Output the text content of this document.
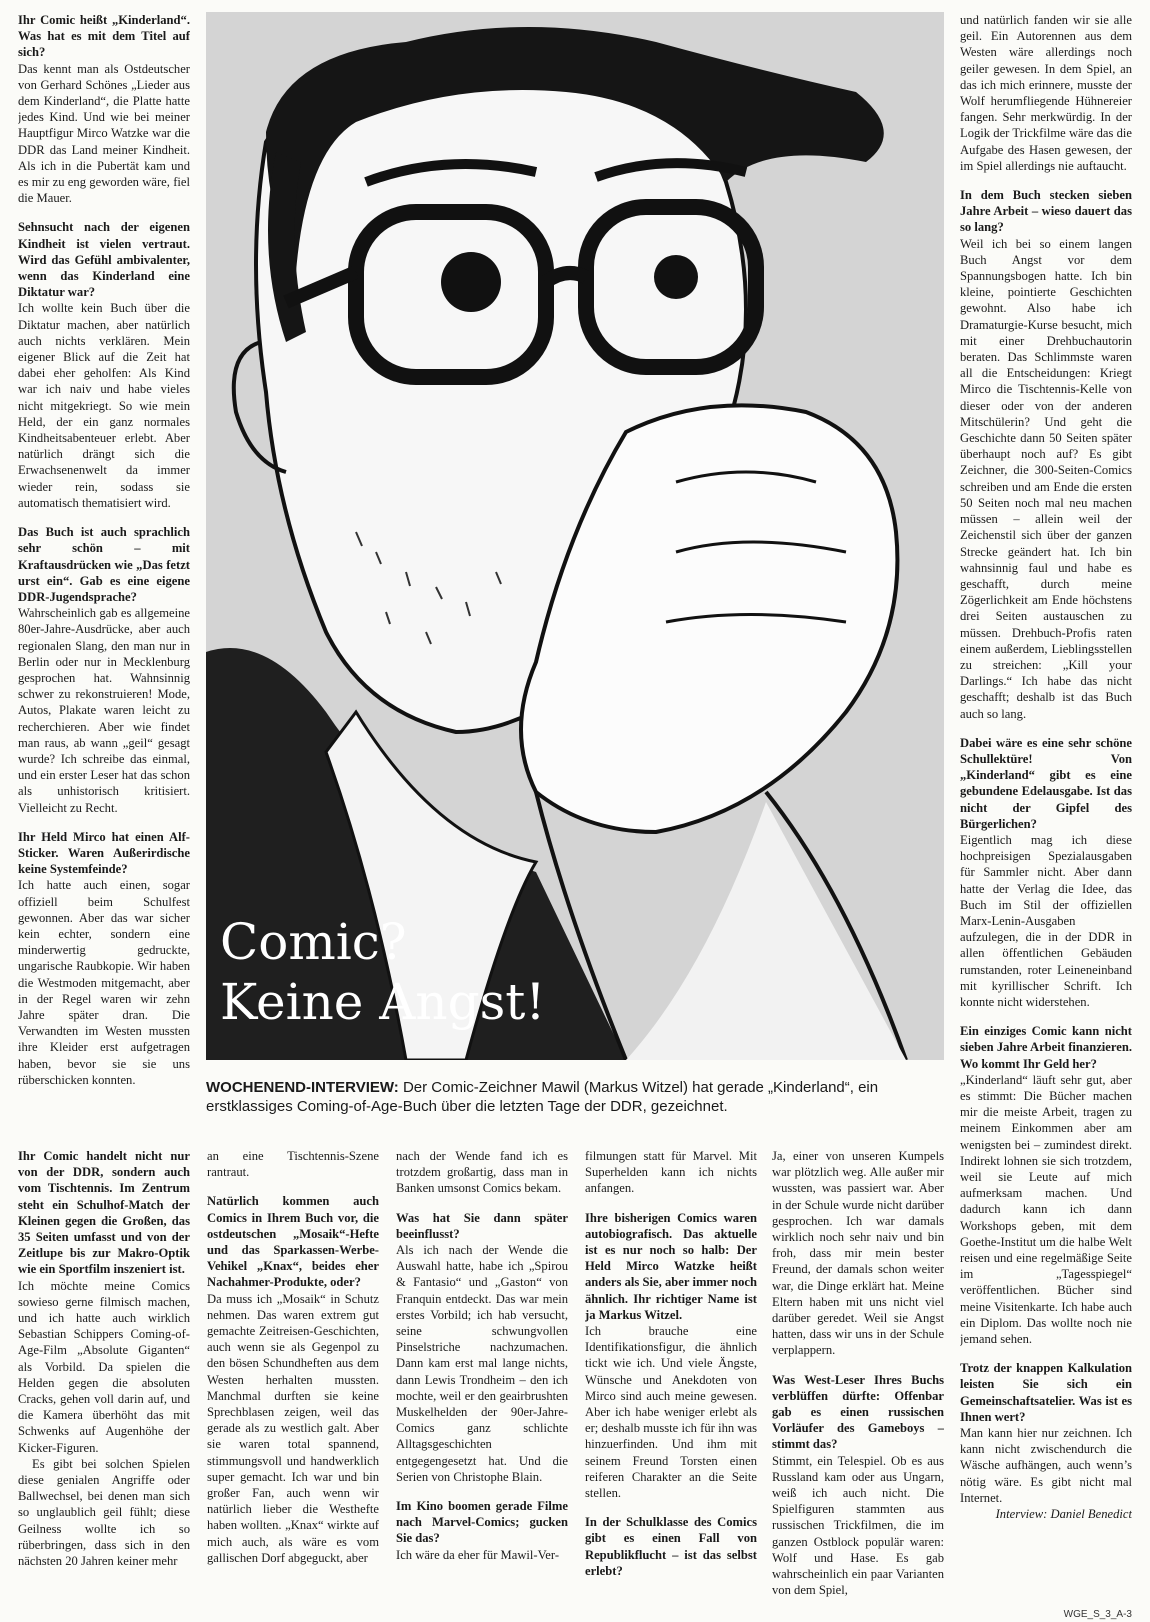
Ihr Comic heißt „Kinderland“. Was hat es mit dem Titel auf sich?

Das kennt man als Ostdeutscher von Gerhard Schönes „Lieder aus dem Kinderland“, die Platte hatte jedes Kind. Und wie bei meiner Hauptfigur Mirco Watzke war die DDR das Land meiner Kindheit. Als ich in die Pubertät kam und es mir zu eng geworden wäre, fiel die Mauer.

Sehnsucht nach der eigenen Kindheit ist vielen vertraut. Wird das Gefühl ambivalenter, wenn das Kinderland eine Diktatur war?

Ich wollte kein Buch über die Diktatur machen, aber natürlich auch nichts verklären. Mein eigener Blick auf die Zeit hat dabei eher geholfen: Als Kind war ich naiv und habe vieles nicht mitgekriegt. So wie mein Held, der ein ganz normales Kindheitsabenteuer erlebt. Aber natürlich drängt sich die Erwachsenenwelt da immer wieder rein, sodass sie automatisch thematisiert wird.

Das Buch ist auch sprachlich sehr schön – mit Kraftausdrücken wie „Das fetzt urst ein“. Gab es eine eigene DDR-Jugendsprache?

Wahrscheinlich gab es allgemeine 80er-Jahre-Ausdrücke, aber auch regionalen Slang, den man nur in Berlin oder nur in Mecklenburg gesprochen hat. Wahnsinnig schwer zu rekonstruieren! Mode, Autos, Plakate waren leicht zu recherchieren. Aber wie findet man raus, ab wann „geil“ gesagt wurde? Ich schreibe das einmal, und ein erster Leser hat das schon als unhistorisch kritisiert. Vielleicht zu Recht.

Ihr Held Mirco hat einen Alf-Sticker. Waren Außerirdische keine Systemfeinde?

Ich hatte auch einen, sogar offiziell beim Schulfest gewonnen. Aber das war sicher kein echter, sondern eine minderwertig gedruckte, ungarische Raubkopie. Wir haben die Westmoden mitgemacht, aber in der Regel waren wir zehn Jahre später dran. Die Verwandten im Westen mussten ihre Kleider erst aufgetragen haben, bevor sie sie uns rüberschicken konnten.

Comic?
Keine Angst!
WOCHENEND-INTERVIEW: Der Comic-Zeichner Mawil (Markus Witzel) hat gerade „Kinderland“, ein erstklassiges Coming-of-Age-Buch über die letzten Tage der DDR, gezeichnet.

und natürlich fanden wir sie alle geil. Ein Autorennen aus dem Westen wäre allerdings noch geiler gewesen. In dem Spiel, an das ich mich erinnere, musste der Wolf herumfliegende Hühnereier fangen. Sehr merkwürdig. In der Logik der Trickfilme wäre das die Aufgabe des Hasen gewesen, der im Spiel allerdings nie auftaucht.

In dem Buch stecken sieben Jahre Arbeit – wieso dauert das so lang?

Weil ich bei so einem langen Buch Angst vor dem Spannungsbogen hatte. Ich bin kleine, pointierte Geschichten gewohnt. Also habe ich Dramaturgie-Kurse besucht, mich mit einer Drehbuchautorin beraten. Das Schlimmste waren all die Entscheidungen: Kriegt Mirco die Tischtennis-Kelle von dieser oder von der anderen Mitschülerin? Und geht die Geschichte dann 50 Seiten später überhaupt noch auf? Es gibt Zeichner, die 300-Seiten-Comics schreiben und am Ende die ersten 50 Seiten noch mal neu machen müssen – allein weil der Zeichenstil sich über der ganzen Strecke geändert hat. Ich bin wahnsinnig faul und habe es geschafft, durch meine Zögerlichkeit am Ende höchstens drei Seiten austauschen zu müssen. Drehbuch-Profis raten einem außerdem, Lieblingsstellen zu streichen: „Kill your Darlings.“ Ich habe das nicht geschafft; deshalb ist das Buch auch so lang.

Dabei wäre es eine sehr schöne Schullektüre! Von „Kinderland“ gibt es eine gebundene Edelausgabe. Ist das nicht der Gipfel des Bürgerlichen?

Eigentlich mag ich diese hochpreisigen Spezialausgaben für Sammler nicht. Aber dann hatte der Verlag die Idee, das Buch im Stil der offiziellen Marx-Lenin-Ausgaben aufzulegen, die in der DDR in allen öffentlichen Gebäuden rumstanden, roter Leineneinband mit kyrillischer Schrift. Ich konnte nicht widerstehen.

Ein einziges Comic kann nicht sieben Jahre Arbeit finanzieren. Wo kommt Ihr Geld her?

„Kinderland“ läuft sehr gut, aber es stimmt: Die Bücher machen mir die meiste Arbeit, tragen zu meinem Einkommen aber am wenigsten bei – zumindest direkt. Indirekt lohnen sie sich trotzdem, weil sie Leute auf mich aufmerksam machen. Und dadurch kann ich dann Workshops geben, mit dem Goethe-Institut um die halbe Welt reisen und eine regelmäßige Seite im „Tagesspiegel“ veröffentlichen. Bücher sind meine Visitenkarte. Ich habe auch ein Diplom. Das wollte noch nie jemand sehen.

Trotz der knappen Kalkulation leisten Sie sich ein Gemeinschaftsatelier. Was ist es Ihnen wert?

Man kann hier nur zeichnen. Ich kann nicht zwischendurch die Wäsche aufhängen, auch wenn’s nötig wäre. Es gibt nicht mal Internet.

Interview: Daniel Benedict

Ihr Comic handelt nicht nur von der DDR, sondern auch vom Tischtennis. Im Zentrum steht ein Schulhof-Match der Kleinen gegen die Großen, das 35 Seiten umfasst und von der Zeitlupe bis zur Makro-Optik wie ein Sportfilm inszeniert ist.

Ich möchte meine Comics sowieso gerne filmisch machen, und ich hatte auch wirklich Sebastian Schippers Coming-of-Age-Film „Absolute Giganten“ als Vorbild. Da spielen die Helden gegen die absoluten Cracks, gehen voll darin auf, und die Kamera überhöht das mit Schwenks auf Augenhöhe der Kicker-Figuren.

Es gibt bei solchen Spielen diese genialen Angriffe oder Ballwechsel, bei denen man sich so unglaublich geil fühlt; diese Geilness wollte ich so rüberbringen, dass sich in den nächsten 20 Jahren keiner mehr

an eine Tischtennis-Szene rantraut.

Natürlich kommen auch Comics in Ihrem Buch vor, die ostdeutschen „Mosaik“-Hefte und das Sparkassen-Werbe-Vehikel „Knax“, beides eher Nachahmer-Produkte, oder?

Da muss ich „Mosaik“ in Schutz nehmen. Das waren extrem gut gemachte Zeitreisen-Geschichten, auch wenn sie als Gegenpol zu den bösen Schundheften aus dem Westen herhalten mussten. Manchmal durften sie keine Sprechblasen zeigen, weil das gerade als zu westlich galt. Aber sie waren total spannend, stimmungsvoll und handwerklich super gemacht. Ich war und bin großer Fan, auch wenn wir natürlich lieber die Westhefte haben wollten. „Knax“ wirkte auf mich auch, als wäre es vom gallischen Dorf abgeguckt, aber

nach der Wende fand ich es trotzdem großartig, dass man in Banken umsonst Comics bekam.

Was hat Sie dann später beeinflusst?

Als ich nach der Wende die Auswahl hatte, habe ich „Spirou & Fantasio“ und „Gaston“ von Franquin entdeckt. Das war mein erstes Vorbild; ich hab versucht, seine schwungvollen Pinselstriche nachzumachen. Dann kam erst mal lange nichts, dann Lewis Trondheim – den ich mochte, weil er den geairbrushten Muskelhelden der 90er-Jahre-Comics ganz schlichte Alltagsgeschichten entgegengesetzt hat. Und die Serien von Christophe Blain.

Im Kino boomen gerade Filme nach Marvel-Comics; gucken Sie das?

Ich wäre da eher für Mawil-Ver-

filmungen statt für Marvel. Mit Superhelden kann ich nichts anfangen.

Ihre bisherigen Comics waren autobiografisch. Das aktuelle ist es nur noch so halb: Der Held Mirco Watzke heißt anders als Sie, aber immer noch ähnlich. Ihr richtiger Name ist ja Markus Witzel.

Ich brauche eine Identifikationsfigur, die ähnlich tickt wie ich. Und viele Ängste, Wünsche und Anekdoten von Mirco sind auch meine gewesen. Aber ich habe weniger erlebt als er; deshalb musste ich für ihn was hinzuerfinden. Und ihm mit seinem Freund Torsten einen reiferen Charakter an die Seite stellen.

In der Schulklasse des Comics gibt es einen Fall von Republikflucht – ist das selbst erlebt?

Ja, einer von unseren Kumpels war plötzlich weg. Alle außer mir wussten, was passiert war. Aber in der Schule wurde nicht darüber gesprochen. Ich war damals wirklich noch sehr naiv und bin froh, dass mir mein bester Freund, der damals schon weiter war, die Dinge erklärt hat. Meine Eltern haben mit uns nicht viel darüber geredet. Weil sie Angst hatten, dass wir uns in der Schule verplappern.

Was West-Leser Ihres Buchs verblüffen dürfte: Offenbar gab es einen russischen Vorläufer des Gameboys – stimmt das?

Stimmt, ein Telespiel. Ob es aus Russland kam oder aus Ungarn, weiß ich auch nicht. Die Spielfiguren stammten aus russischen Trickfilmen, die im ganzen Ostblock populär waren: Wolf und Hase. Es gab wahrscheinlich ein paar Varianten von dem Spiel,

WGE_S_3_A-3
